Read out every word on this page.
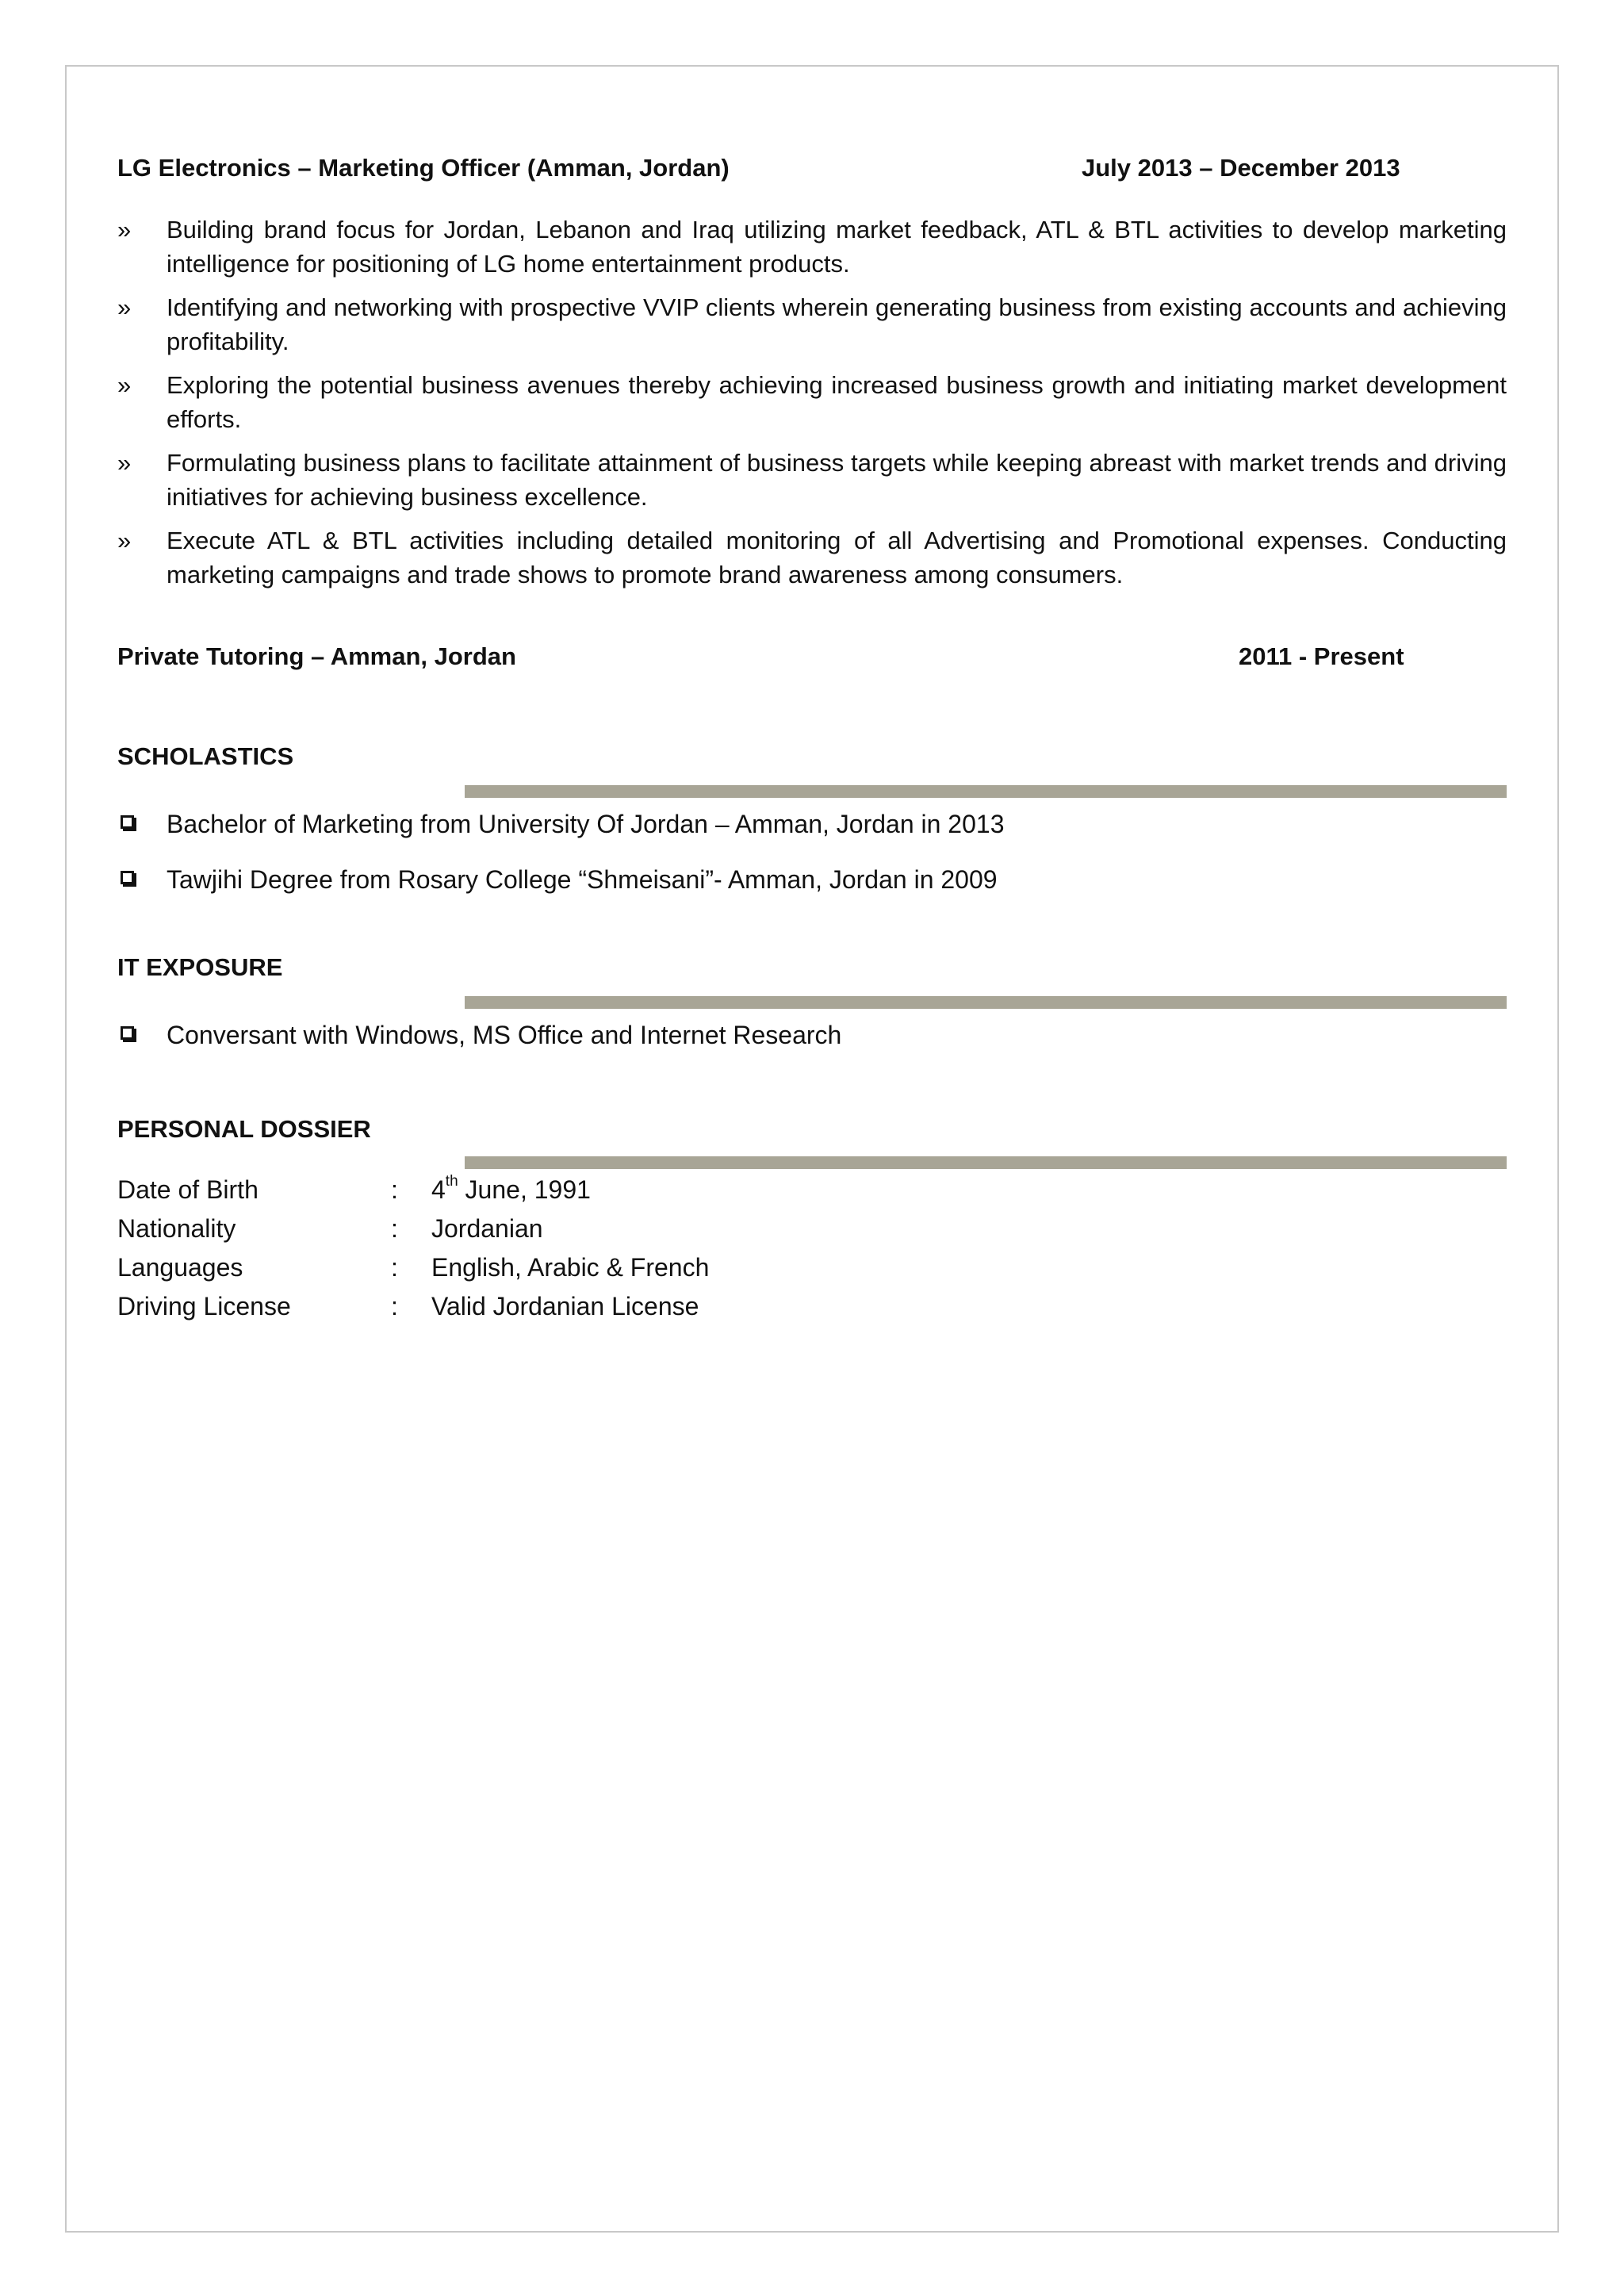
LG Electronics – Marketing Officer (Amman, Jordan)	July 2013 – December 2013
» Building brand focus for Jordan, Lebanon and Iraq utilizing market feedback, ATL & BTL activities to develop marketing intelligence for positioning of LG home entertainment products.
» Identifying and networking with prospective VVIP clients wherein generating business from existing accounts and achieving profitability.
» Exploring the potential business avenues thereby achieving increased business growth and initiating market development efforts.
» Formulating business plans to facilitate attainment of business targets while keeping abreast with market trends and driving initiatives for achieving business excellence.
» Execute ATL & BTL activities including detailed monitoring of all Advertising and Promotional expenses. Conducting marketing campaigns and trade shows to promote brand awareness among consumers.
Private Tutoring – Amman, Jordan	2011 - Present
SCHOLASTICS
Bachelor of Marketing from University Of Jordan – Amman, Jordan in 2013
Tawjihi Degree from Rosary College “Shmeisani”- Amman, Jordan in 2009
IT EXPOSURE
Conversant with Windows, MS Office and Internet Research
PERSONAL DOSSIER
Date of Birth	: 4th June, 1991
Nationality	: Jordanian
Languages	: English, Arabic & French
Driving License	: Valid Jordanian License
